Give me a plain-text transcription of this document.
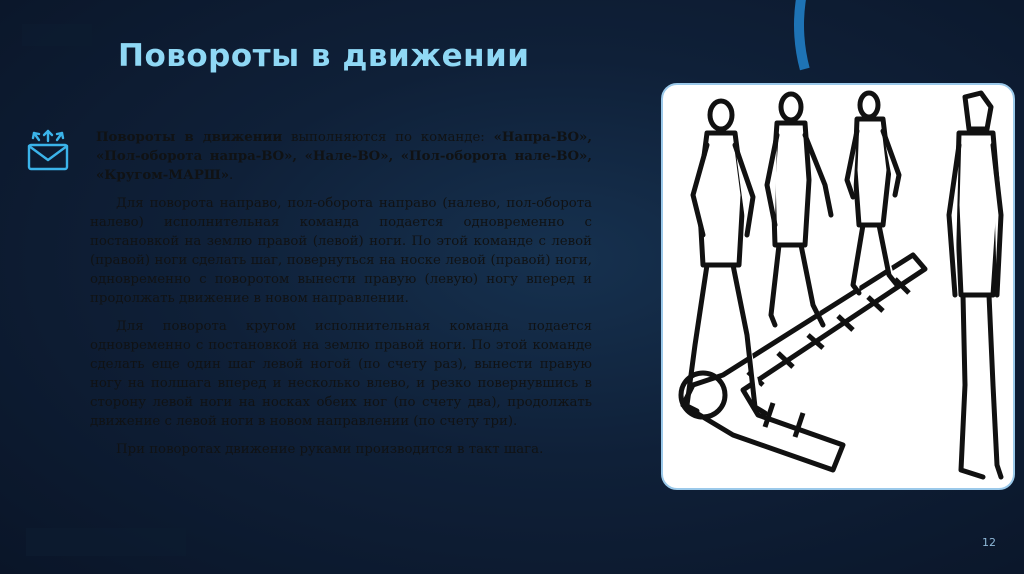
Повороты в движении

Повороты в движении выполняются по команде: «Напра-ВО», «Пол-оборота напра-ВО», «Нале-ВО», «Пол-оборота нале-ВО», «Кругом-МАРШ».

Для поворота направо, пол-оборота направо (налево, пол-оборота налево) исполнительная команда подается одновременно с постановкой на землю правой (левой) ноги. По этой команде с левой (правой) ноги сделать шаг, повернуться на носке левой (правой) ноги, одновременно с поворотом вынести правую (левую) ногу вперед и продолжать движение в новом направлении.

Для поворота кругом исполнительная команда подается одновременно с постановкой на землю правой ноги. По этой команде сделать еще один шаг левой ногой (по счету раз), вынести правую ногу на полшага вперед и несколько влево, и резко повернувшись в сторону левой ноги на носках обеих ног (по счету два), продолжать движение с левой ноги в новом направлении (по счету три).

При поворотах движение руками производится в такт шага.

12
